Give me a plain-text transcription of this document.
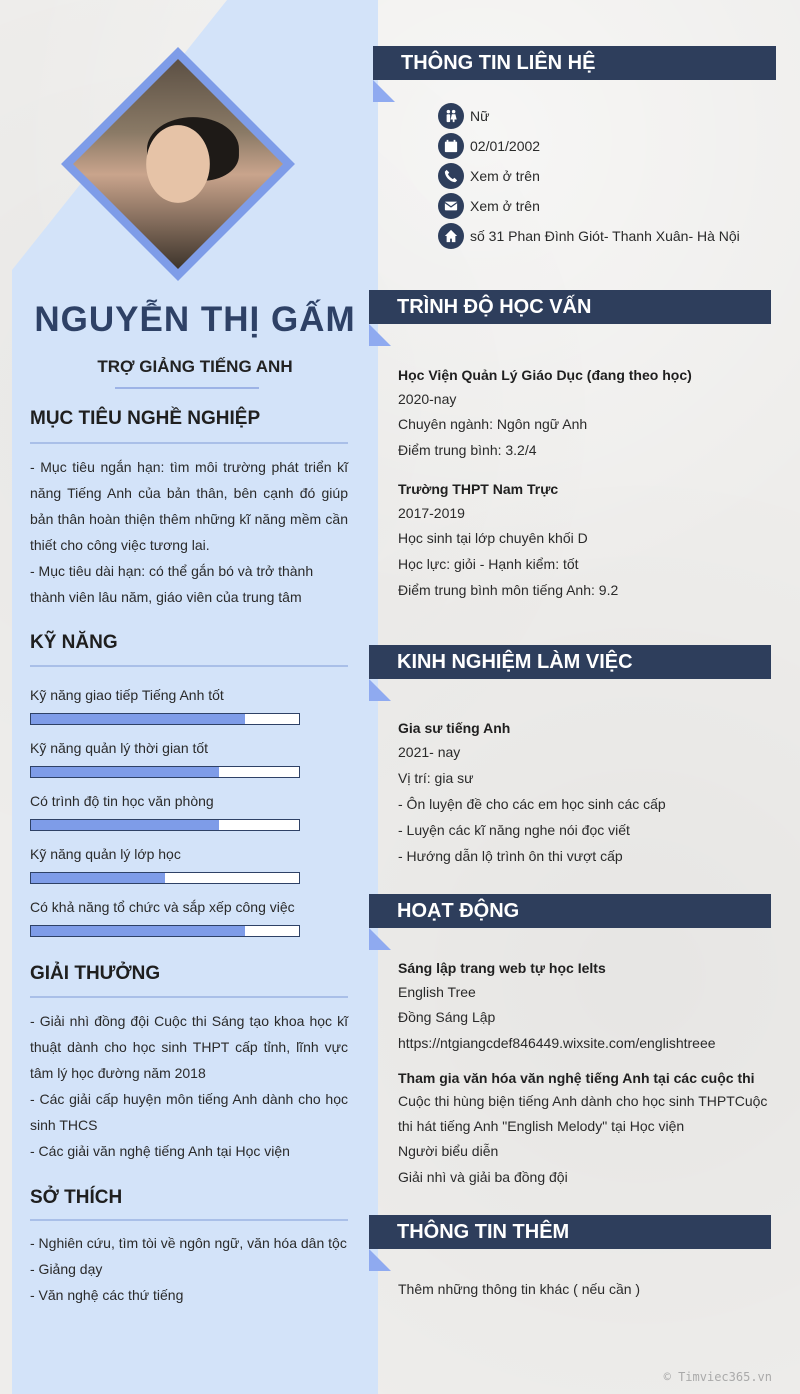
NGUYỄN THỊ GẤM
TRỢ GIẢNG TIẾNG ANH
MỤC TIÊU NGHỀ NGHIỆP
- Mục tiêu ngắn hạn: tìm môi trường phát triển kĩ năng Tiếng Anh của bản thân, bên cạnh đó giúp bản thân hoàn thiện thêm những kĩ năng mềm cần thiết cho công việc tương lai.
- Mục tiêu dài hạn: có thể gắn bó và trở thành thành viên lâu năm, giáo viên của trung tâm
KỸ NĂNG
Kỹ năng giao tiếp Tiếng Anh tốt
Kỹ năng quản lý thời gian tốt
Có trình độ tin học văn phòng
Kỹ năng quản lý lớp học
Có khả năng tổ chức và sắp xếp công việc
GIẢI THƯỞNG
- Giải nhì đồng đội Cuộc thi Sáng tạo khoa học kĩ thuật dành cho học sinh THPT cấp tỉnh, lĩnh vực tâm lý học đường năm 2018
- Các giải cấp huyện môn tiếng Anh dành cho học sinh THCS
- Các giải văn nghệ tiếng Anh tại Học viện
SỞ THÍCH
- Nghiên cứu, tìm tòi về ngôn ngữ, văn hóa dân tộc
- Giảng dạy
- Văn nghệ các thứ tiếng
THÔNG TIN LIÊN HỆ
Nữ
02/01/2002
Xem ở trên
Xem ở trên
số 31 Phan Đình Giót- Thanh Xuân- Hà Nội
TRÌNH ĐỘ HỌC VẤN
Học Viện Quản Lý Giáo Dục (đang theo học)
2020-nay
Chuyên ngành: Ngôn ngữ Anh
Điểm trung bình: 3.2/4
Trường THPT Nam Trực
2017-2019
Học sinh tại lớp chuyên khối D
Học lực: giỏi - Hạnh kiểm: tốt
Điểm trung bình môn tiếng Anh: 9.2
KINH NGHIỆM LÀM VIỆC
Gia sư tiếng Anh
2021- nay
Vị trí: gia sư
- Ôn luyện đề cho các em học sinh các cấp
- Luyện các kĩ năng nghe nói đọc viết
- Hướng dẫn lộ trình ôn thi vượt cấp
HOẠT ĐỘNG
Sáng lập trang web tự học Ielts
English Tree
Đồng Sáng Lập
https://ntgiangcdef846449.wixsite.com/englishtreee
Tham gia văn hóa văn nghệ tiếng Anh tại các cuộc thi
Cuộc thi hùng biện tiếng Anh dành cho học sinh THPTCuộc
thi hát tiếng Anh "English Melody" tại Học viện
Người biểu diễn
Giải nhì và giải ba đồng đội
THÔNG TIN THÊM
Thêm những thông tin khác ( nếu cần )
© Timviec365.vn
